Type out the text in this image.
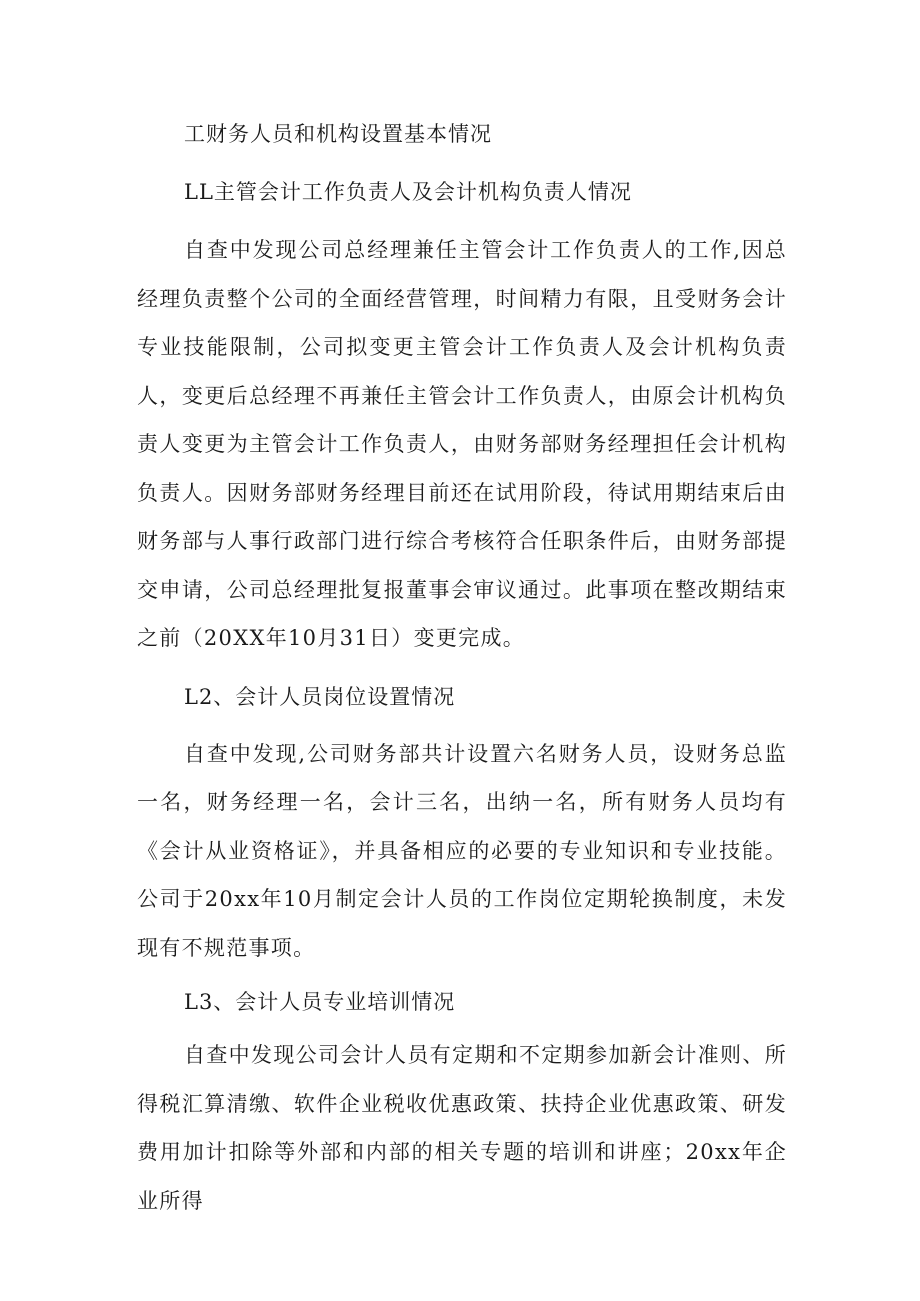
工财务人员和机构设置基本情况

LL主管会计工作负责人及会计机构负责人情况

自查中发现公司总经理兼任主管会计工作负责人的工作,因总经理负责整个公司的全面经营管理，时间精力有限，且受财务会计专业技能限制，公司拟变更主管会计工作负责人及会计机构负责人，变更后总经理不再兼任主管会计工作负责人，由原会计机构负责人变更为主管会计工作负责人，由财务部财务经理担任会计机构负责人。因财务部财务经理目前还在试用阶段，待试用期结束后由财务部与人事行政部门进行综合考核符合任职条件后，由财务部提交申请，公司总经理批复报董事会审议通过。此事项在整改期结束之前（20XX年10月31日）变更完成。

L2、会计人员岗位设置情况

自查中发现,公司财务部共计设置六名财务人员，设财务总监一名，财务经理一名，会计三名，出纳一名，所有财务人员均有《会计从业资格证》，并具备相应的必要的专业知识和专业技能。公司于20xx年10月制定会计人员的工作岗位定期轮换制度，未发现有不规范事项。

L3、会计人员专业培训情况

自查中发现公司会计人员有定期和不定期参加新会计准则、所得税汇算清缴、软件企业税收优惠政策、扶持企业优惠政策、研发费用加计扣除等外部和内部的相关专题的培训和讲座；20xx年企业所得
